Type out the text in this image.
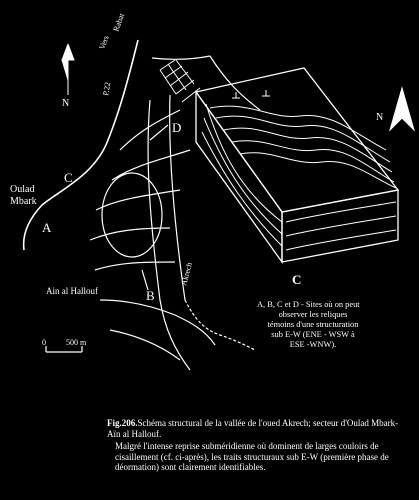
Vers
Rabat
P.22
Oulad
Mbark
A
C
D
B
Akrech
Ain al Hallouf
0	500 m
C
N
N
A, B, C et D - Sites où on peut
observer les reliques
témoins d'une structuration
sub E-W (ENE - WSW à
ESE -WNW).

Fig.206.Schéma structural de la vallée de l'oued Akrech; secteur d'Oulad Mbark-Aïn al Hallouf.

Malgré l'intense reprise subméridienne où dominent de larges couloirs de cisaillement (cf. ci-après), les traits structuraux sub E-W (première phase de déormation) sont clairement identifiables.
